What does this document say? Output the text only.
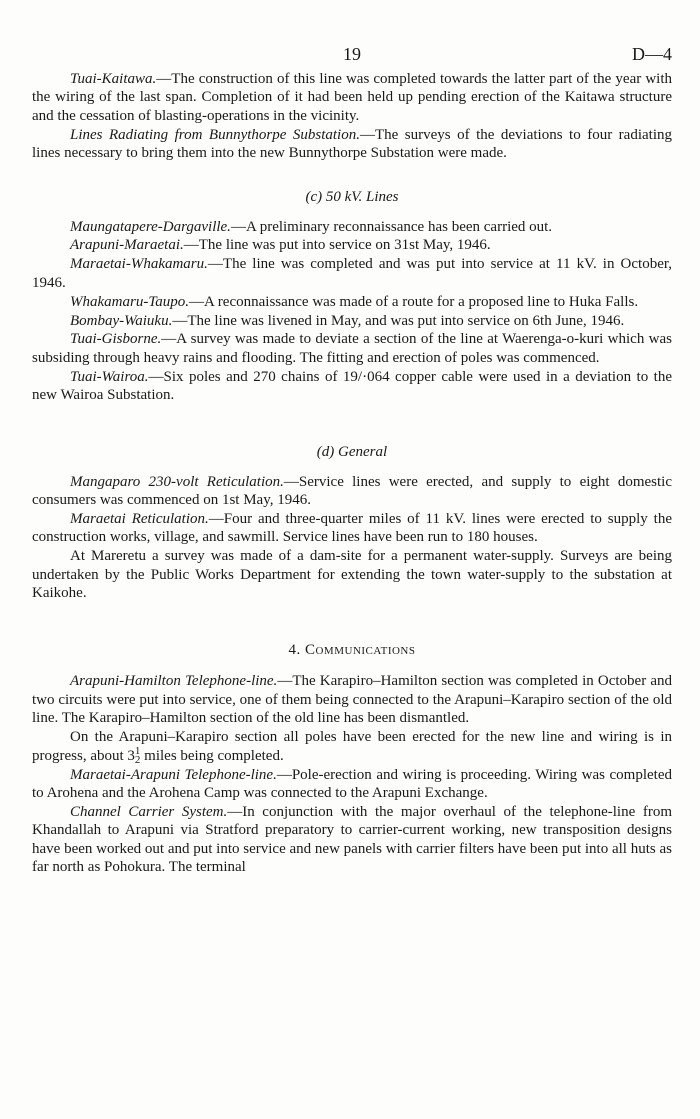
19	D—4

Tuai-Kaitawa.—The construction of this line was completed towards the latter part of the year with the wiring of the last span. Completion of it had been held up pending erection of the Kaitawa structure and the cessation of blasting-operations in the vicinity.

Lines Radiating from Bunnythorpe Substation.—The surveys of the deviations to four radiating lines necessary to bring them into the new Bunnythorpe Substation were made.

(c) 50 kV. Lines

Maungatapere-Dargaville.—A preliminary reconnaissance has been carried out.

Arapuni-Maraetai.—The line was put into service on 31st May, 1946.

Maraetai-Whakamaru.—The line was completed and was put into service at 11 kV. in October, 1946.

Whakamaru-Taupo.—A reconnaissance was made of a route for a proposed line to Huka Falls.

Bombay-Waiuku.—The line was livened in May, and was put into service on 6th June, 1946.

Tuai-Gisborne.—A survey was made to deviate a section of the line at Waerenga-o-kuri which was subsiding through heavy rains and flooding. The fitting and erection of poles was commenced.

Tuai-Wairoa.—Six poles and 270 chains of 19/·064 copper cable were used in a deviation to the new Wairoa Substation.

(d) General

Mangaparo 230-volt Reticulation.—Service lines were erected, and supply to eight domestic consumers was commenced on 1st May, 1946.

Maraetai Reticulation.—Four and three-quarter miles of 11 kV. lines were erected to supply the construction works, village, and sawmill. Service lines have been run to 180 houses.

At Mareretu a survey was made of a dam-site for a permanent water-supply. Surveys are being undertaken by the Public Works Department for extending the town water-supply to the substation at Kaikohe.

4. Communications

Arapuni-Hamilton Telephone-line.—The Karapiro–Hamilton section was completed in October and two circuits were put into service, one of them being connected to the Arapuni–Karapiro section of the old line. The Karapiro–Hamilton section of the old line has been dismantled.

On the Arapuni–Karapiro section all poles have been erected for the new line and wiring is in progress, about 31
2 miles being completed.

Maraetai-Arapuni Telephone-line.—Pole-erection and wiring is proceeding. Wiring was completed to Arohena and the Arohena Camp was connected to the Arapuni Exchange.

Channel Carrier System.—In conjunction with the major overhaul of the telephone-line from Khandallah to Arapuni via Stratford preparatory to carrier-current working, new transposition designs have been worked out and put into service and new panels with carrier filters have been put into all huts as far north as Pohokura. The terminal
